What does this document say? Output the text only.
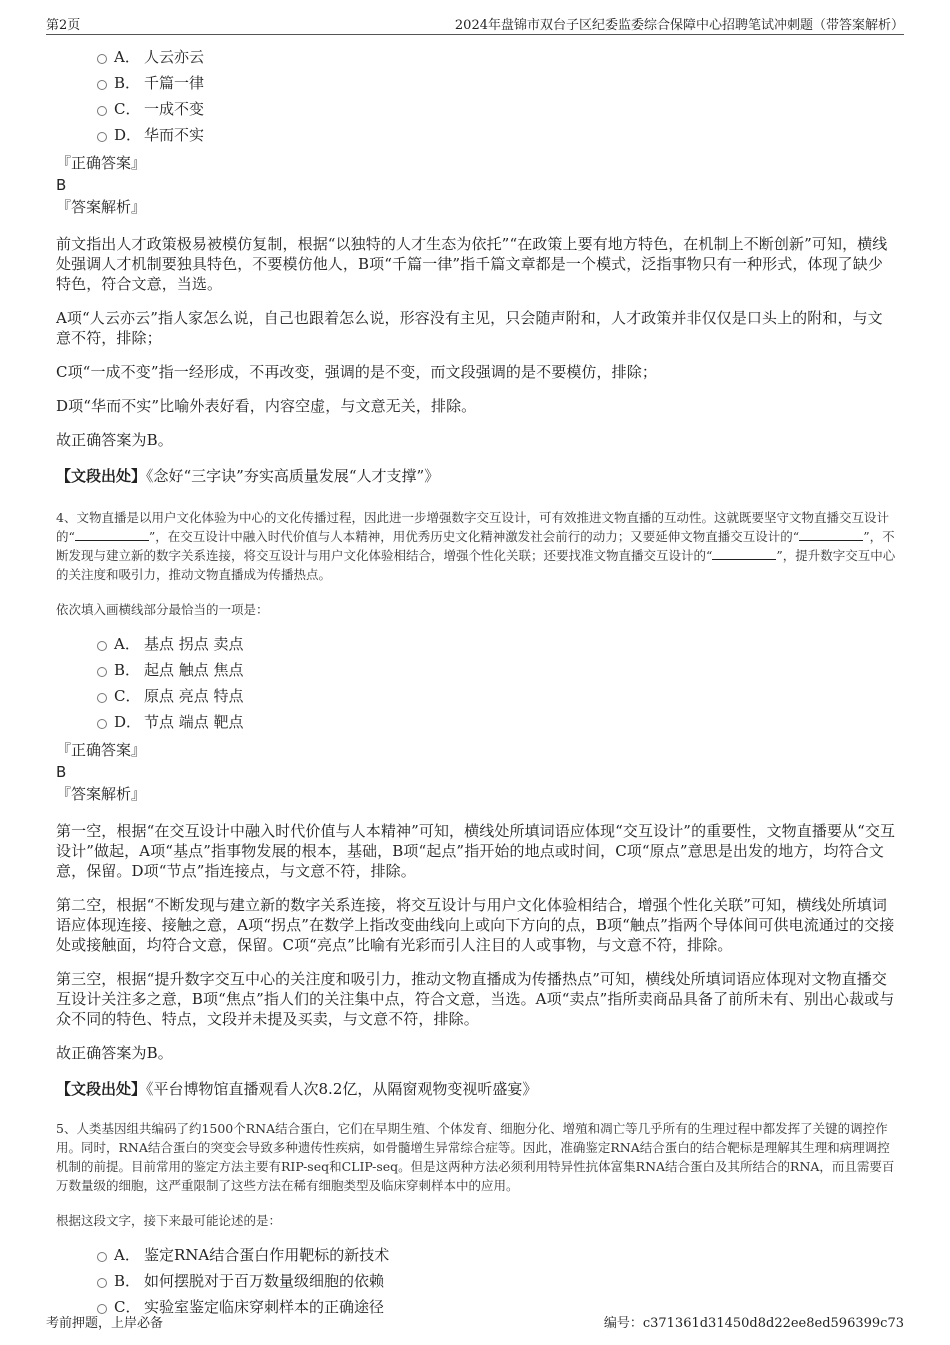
第2页	2024年盘锦市双台子区纪委监委综合保障中心招聘笔试冲刺题（带答案解析）
A． 人云亦云
B． 千篇一律
C． 一成不变
D． 华而不实
『正确答案』
B
『答案解析』

前文指出人才政策极易被模仿复制，根据“以独特的人才生态为依托”“在政策上要有地方特色，在机制上不断创新”可知，横线处强调人才机制要独具特色，不要模仿他人，B项“千篇一律”指千篇文章都是一个模式，泛指事物只有一种形式，体现了缺少特色，符合文意，当选。

A项“人云亦云”指人家怎么说，自己也跟着怎么说，形容没有主见，只会随声附和，人才政策并非仅仅是口头上的附和，与文意不符，排除；

C项“一成不变”指一经形成，不再改变，强调的是不变，而文段强调的是不要模仿，排除；

D项“华而不实”比喻外表好看，内容空虚，与文意无关，排除。

故正确答案为B。

【文段出处】《念好“三字诀”夯实高质量发展“人才支撑”》

4、文物直播是以用户文化体验为中心的文化传播过程，因此进一步增强数字交互设计，可有效推进文物直播的互动性。这就既要坚守文物直播交互设计的“	”，在交互设计中融入时代价值与人本精神，用优秀历史文化精神激发社会前行的动力；又要延伸文物直播交互设计的“	”，不断发现与建立新的数字关系连接，将交互设计与用户文化体验相结合，增强个性化关联；还要找准文物直播交互设计的“	”，提升数字交互中心的关注度和吸引力，推动文物直播成为传播热点。

依次填入画横线部分最恰当的一项是：

A． 基点 拐点 卖点
B． 起点 触点 焦点
C． 原点 亮点 特点
D． 节点 端点 靶点
『正确答案』
B
『答案解析』

第一空，根据“在交互设计中融入时代价值与人本精神”可知，横线处所填词语应体现“交互设计”的重要性，文物直播要从“交互设计”做起，A项“基点”指事物发展的根本，基础，B项“起点”指开始的地点或时间，C项“原点”意思是出发的地方，均符合文意，保留。D项“节点”指连接点，与文意不符，排除。

第二空，根据“不断发现与建立新的数字关系连接，将交互设计与用户文化体验相结合，增强个性化关联”可知，横线处所填词语应体现连接、接触之意，A项“拐点”在数学上指改变曲线向上或向下方向的点，B项“触点”指两个导体间可供电流通过的交接处或接触面，均符合文意，保留。C项“亮点”比喻有光彩而引人注目的人或事物，与文意不符，排除。

第三空，根据“提升数字交互中心的关注度和吸引力，推动文物直播成为传播热点”可知，横线处所填词语应体现对文物直播交互设计关注多之意，B项“焦点”指人们的关注集中点，符合文意，当选。A项“卖点”指所卖商品具备了前所未有、别出心裁或与众不同的特色、特点，文段并未提及买卖，与文意不符，排除。

故正确答案为B。

【文段出处】《平台博物馆直播观看人次8.2亿，从隔窗观物变视听盛宴》

5、人类基因组共编码了约1500个RNA结合蛋白，它们在早期生殖、个体发育、细胞分化、增殖和凋亡等几乎所有的生理过程中都发挥了关键的调控作用。同时，RNA结合蛋白的突变会导致多种遗传性疾病，如骨髓增生异常综合症等。因此，准确鉴定RNA结合蛋白的结合靶标是理解其生理和病理调控机制的前提。目前常用的鉴定方法主要有RIP-seq和CLIP-seq。但是这两种方法必须利用特异性抗体富集RNA结合蛋白及其所结合的RNA，而且需要百万数量级的细胞，这严重限制了这些方法在稀有细胞类型及临床穿刺样本中的应用。

根据这段文字，接下来最可能论述的是：

A． 鉴定RNA结合蛋白作用靶标的新技术
B． 如何摆脱对于百万数量级细胞的依赖
C． 实验室鉴定临床穿刺样本的正确途径
考前押题，上岸必备	编号：c371361d31450d8d22ee8ed596399c73
